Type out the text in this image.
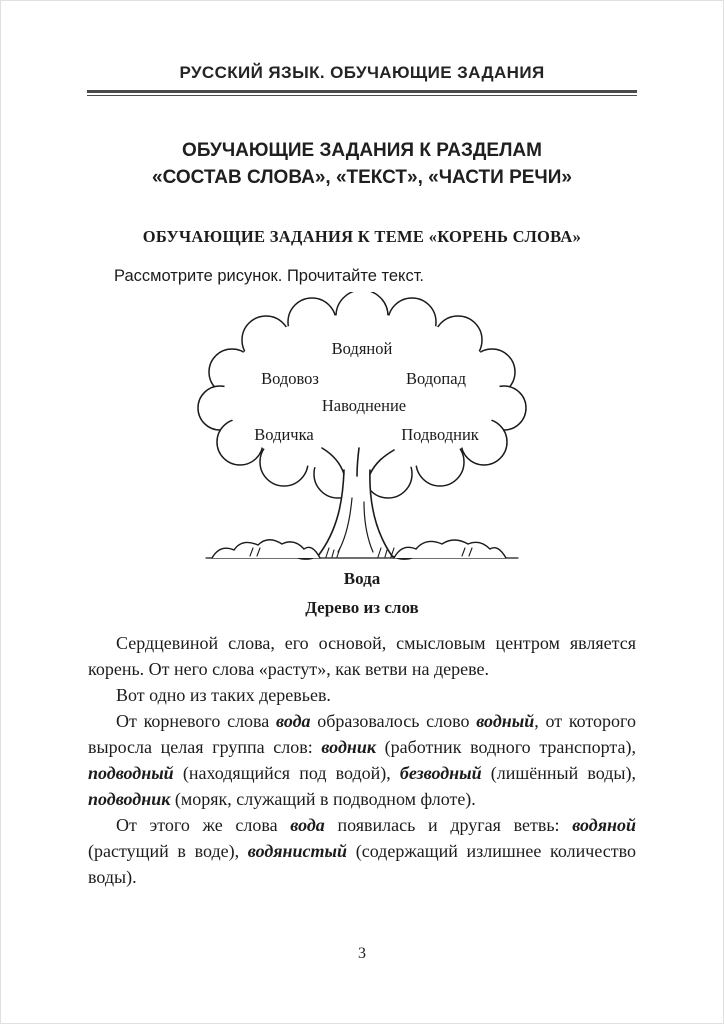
РУССКИЙ ЯЗЫК. ОБУЧАЮЩИЕ ЗАДАНИЯ
ОБУЧАЮЩИЕ ЗАДАНИЯ К РАЗДЕЛАМ
«СОСТАВ СЛОВА», «ТЕКСТ», «ЧАСТИ РЕЧИ»
ОБУЧАЮЩИЕ ЗАДАНИЯ К ТЕМЕ «КОРЕНЬ СЛОВА»

Рассмотрите рисунок. Прочитайте текст.

Водяной
Водовоз	Водопад
Наводнение
Водичка	Подводник
Вода
Дерево из слов

Сердцевиной слова, его основой, смысловым центром является корень. От него слова «растут», как ветви на дереве.

Вот одно из таких деревьев.

От корневого слова вода образовалось слово водный, от которого выросла целая группа слов: водник (работник водного транспорта), подводный (находящийся под водой), безводный (лишённый воды), подводник (моряк, служащий в подводном флоте).

От этого же слова вода появилась и другая ветвь: водяной (растущий в воде), водянистый (содержащий излишнее количество воды).

3
